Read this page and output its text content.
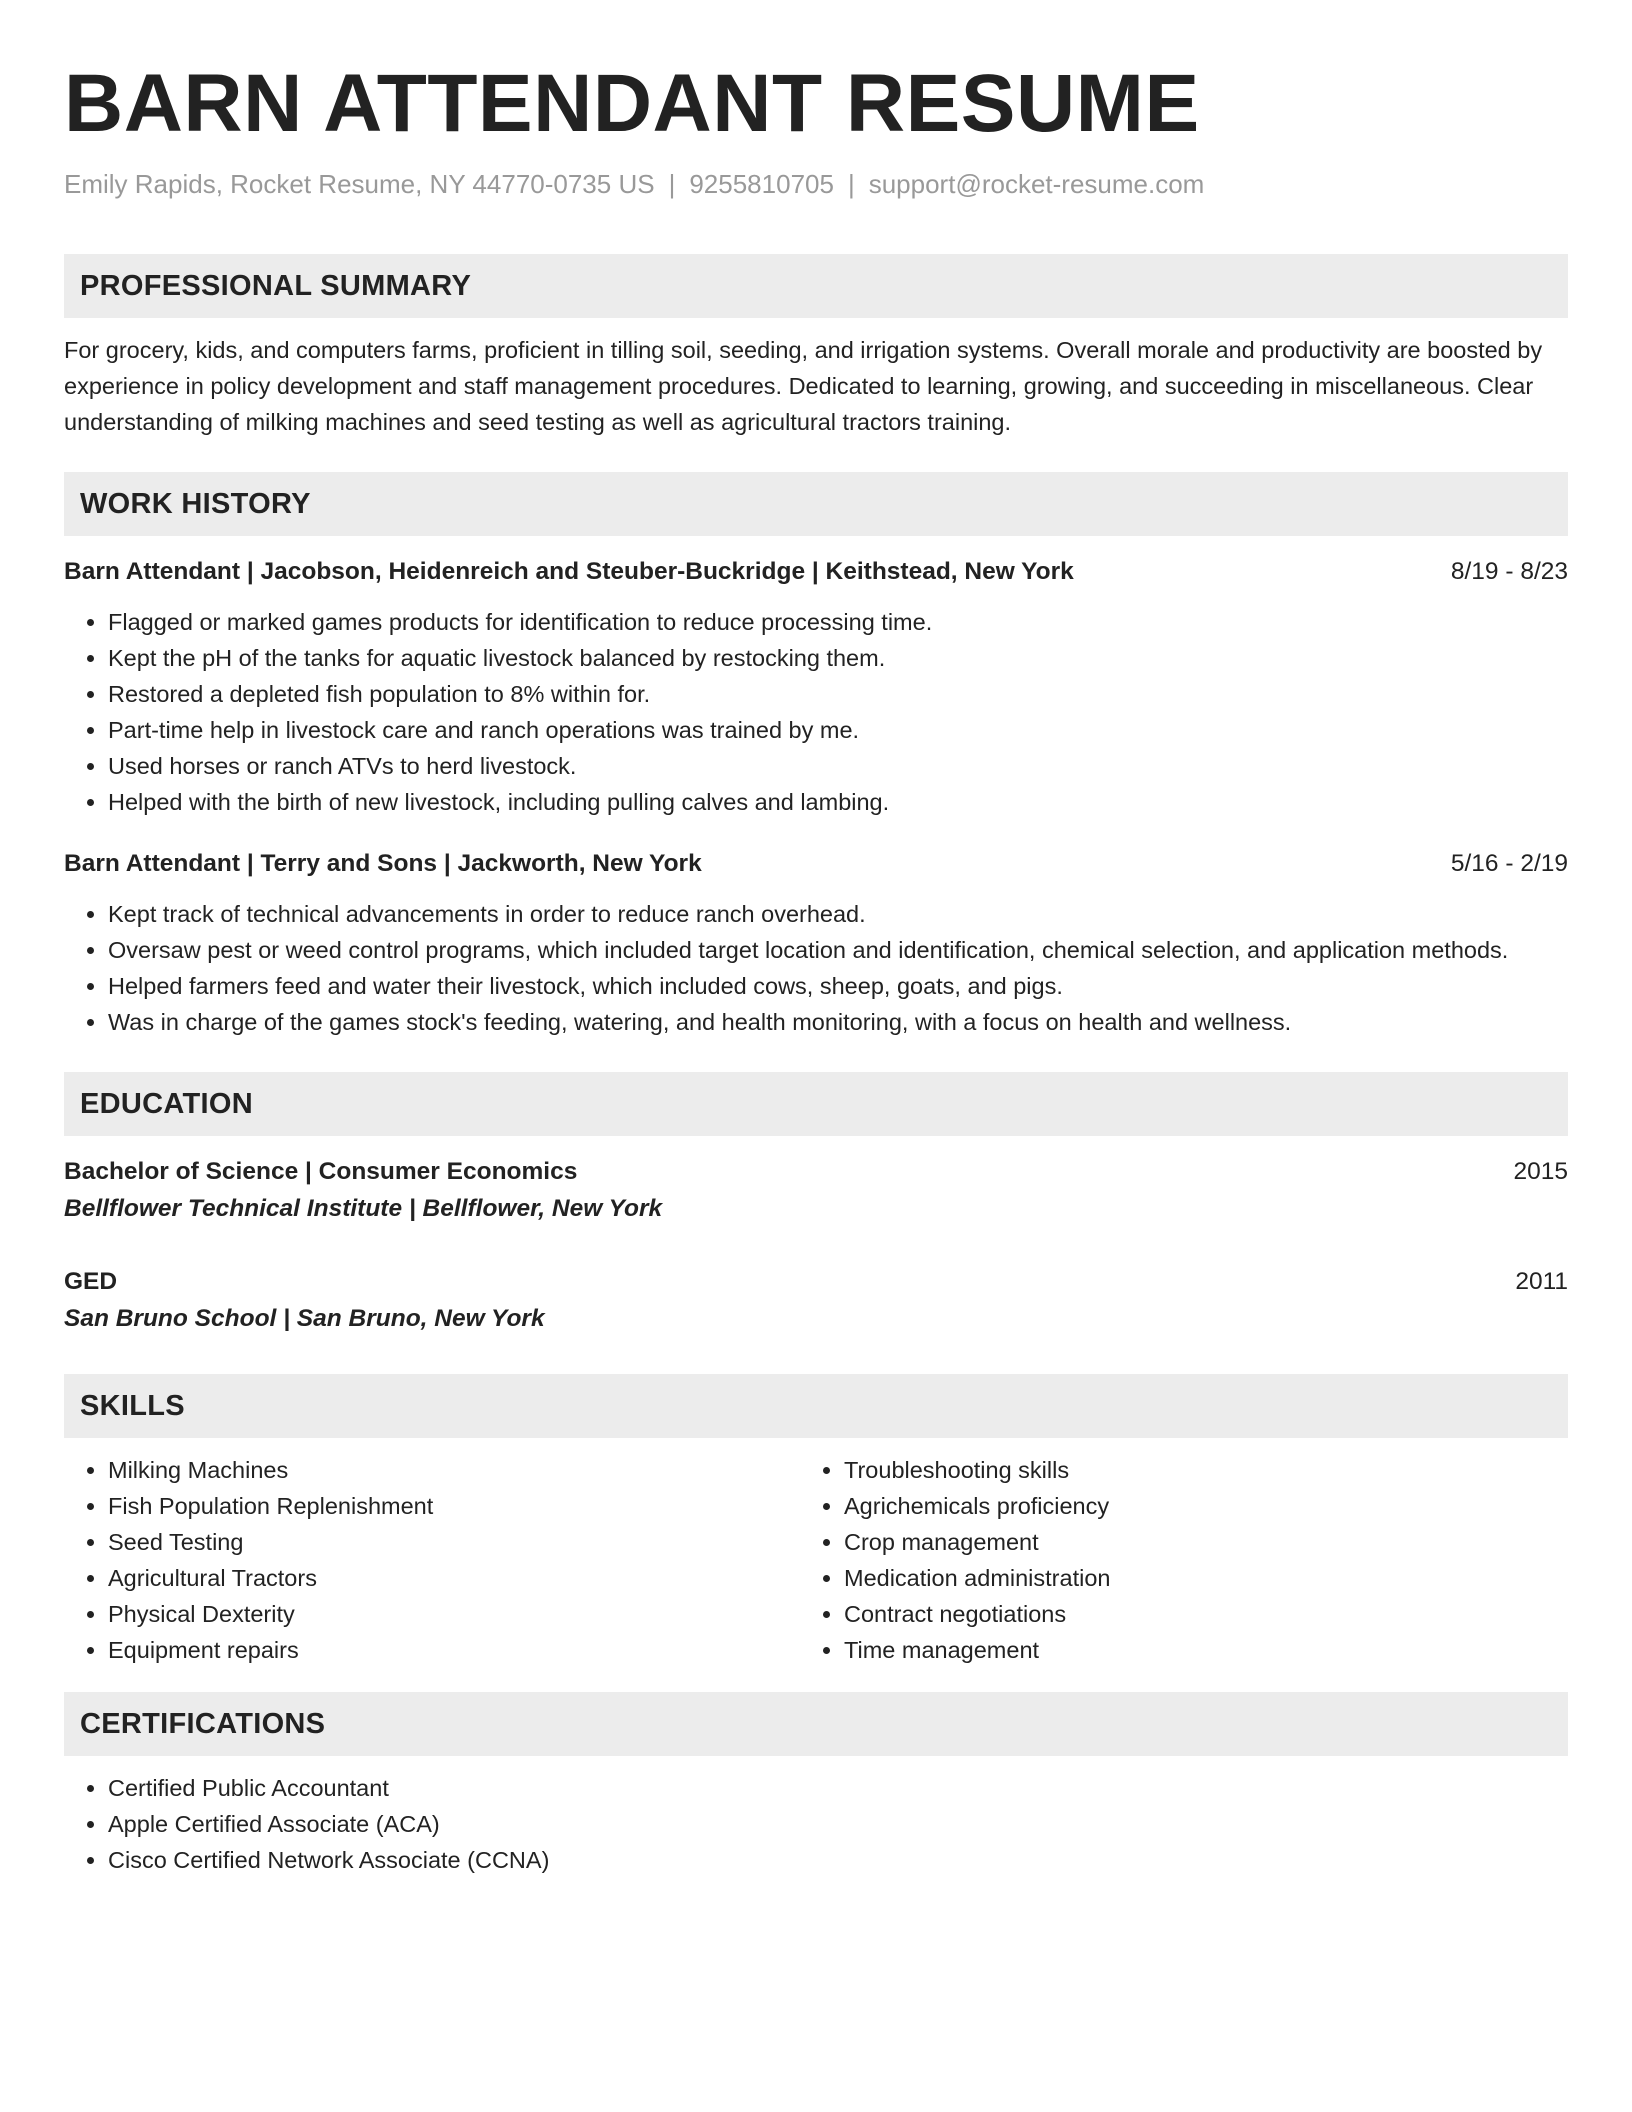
BARN ATTENDANT RESUME
Emily Rapids, Rocket Resume, NY 44770-0735 US | 9255810705 | support@rocket-resume.com
PROFESSIONAL SUMMARY

For grocery, kids, and computers farms, proficient in tilling soil, seeding, and irrigation systems. Overall morale and productivity are boosted by experience in policy development and staff management procedures. Dedicated to learning, growing, and succeeding in miscellaneous. Clear understanding of milking machines and seed testing as well as agricultural tractors training.

WORK HISTORY
Barn Attendant | Jacobson, Heidenreich and Steuber-Buckridge | Keithstead, New York	8/19 - 8/23
• Flagged or marked games products for identification to reduce processing time.
• Kept the pH of the tanks for aquatic livestock balanced by restocking them.
• Restored a depleted fish population to 8% within for.
• Part-time help in livestock care and ranch operations was trained by me.
• Used horses or ranch ATVs to herd livestock.
• Helped with the birth of new livestock, including pulling calves and lambing.
Barn Attendant | Terry and Sons | Jackworth, New York	5/16 - 2/19
• Kept track of technical advancements in order to reduce ranch overhead.
• Oversaw pest or weed control programs, which included target location and identification, chemical selection, and application methods.
• Helped farmers feed and water their livestock, which included cows, sheep, goats, and pigs.
• Was in charge of the games stock's feeding, watering, and health monitoring, with a focus on health and wellness.
EDUCATION
Bachelor of Science | Consumer Economics	2015
Bellflower Technical Institute | Bellflower, New York
GED	2011
San Bruno School | San Bruno, New York
SKILLS
• Milking Machines
• Fish Population Replenishment
• Seed Testing
• Agricultural Tractors
• Physical Dexterity
• Equipment repairs
• Troubleshooting skills
• Agrichemicals proficiency
• Crop management
• Medication administration
• Contract negotiations
• Time management
CERTIFICATIONS
• Certified Public Accountant
• Apple Certified Associate (ACA)
• Cisco Certified Network Associate (CCNA)
